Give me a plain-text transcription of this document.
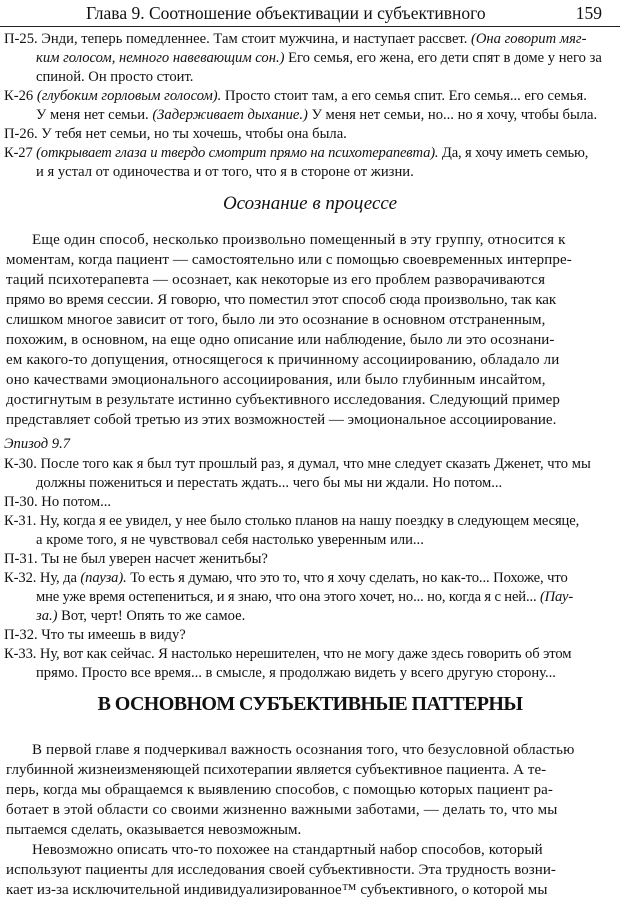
Глава 9. Соотношение объективации и субъективного	159
П-25. Энди, теперь помедленнее. Там стоит мужчина, и наступает рассвет. (Она говорит мяг-
ким голосом, немного навевающим сон.) Его семья, его жена, его дети спят в доме у него за
спиной. Он просто стоит.
К-26 (глубоким горловым голосом). Просто стоит там, а его семья спит. Его семья... его семья.
У меня нет семьи. (Задерживает дыхание.) У меня нет семьи, но... но я хочу, чтобы была.
П-26. У тебя нет семьи, но ты хочешь, чтобы она была.
К-27 (открывает глаза и твердо смотрит прямо на психотерапевта). Да, я хочу иметь семью,
и я устал от одиночества и от того, что я в стороне от жизни.
Осознание в процессе
Еще один способ, несколько произвольно помещенный в эту группу, относится к
моментам, когда пациент — самостоятельно или с помощью своевременных интерпре-
таций психотерапевта — осознает, как некоторые из его проблем разворачиваются
прямо во время сессии. Я говорю, что поместил этот способ сюда произвольно, так как
слишком многое зависит от того, было ли это осознание в основном отстраненным,
похожим, в основном, на еще одно описание или наблюдение, было ли это осознани-
ем какого-то допущения, относящегося к причинному ассоциированию, обладало ли
оно качествами эмоционального ассоциирования, или было глубинным инсайтом,
достигнутым в результате истинно субъективного исследования. Следующий пример
представляет собой третью из этих возможностей — эмоциональное ассоциирование.
Эпизод 9.7
К-30. После того как я был тут прошлый раз, я думал, что мне следует сказать Дженет, что мы
должны пожениться и перестать ждать... чего бы мы ни ждали. Но потом...
П-30. Но потом...
К-31. Ну, когда я ее увидел, у нее было столько планов на нашу поездку в следующем месяце,
а кроме того, я не чувствовал себя настолько уверенным или...
П-31. Ты не был уверен насчет женитьбы?
К-32. Ну, да (пауза). То есть я думаю, что это то, что я хочу сделать, но как-то... Похоже, что
мне уже время остепениться, и я знаю, что она этого хочет, но... но, когда я с ней... (Пау-
за.) Вот, черт! Опять то же самое.
П-32. Что ты имеешь в виду?
К-33. Ну, вот как сейчас. Я настолько нерешителен, что не могу даже здесь говорить об этом
прямо. Просто все время... в смысле, я продолжаю видеть у всего другую сторону...
В ОСНОВНОМ СУБЪЕКТИВНЫЕ ПАТТЕРНЫ
В первой главе я подчеркивал важность осознания того, что безусловной областью
глубинной жизнеизменяющей психотерапии является субъективное пациента. А те-
перь, когда мы обращаемся к выявлению способов, с помощью которых пациент ра-
ботает в этой области со своими жизненно важными заботами, — делать то, что мы
пытаемся сделать, оказывается невозможным.
Невозможно описать что-то похожее на стандартный набор способов, который
используют пациенты для исследования своей субъективности. Эта трудность возни-
кает из-за исключительной индивидуализированное™ субъективного, о которой мы
